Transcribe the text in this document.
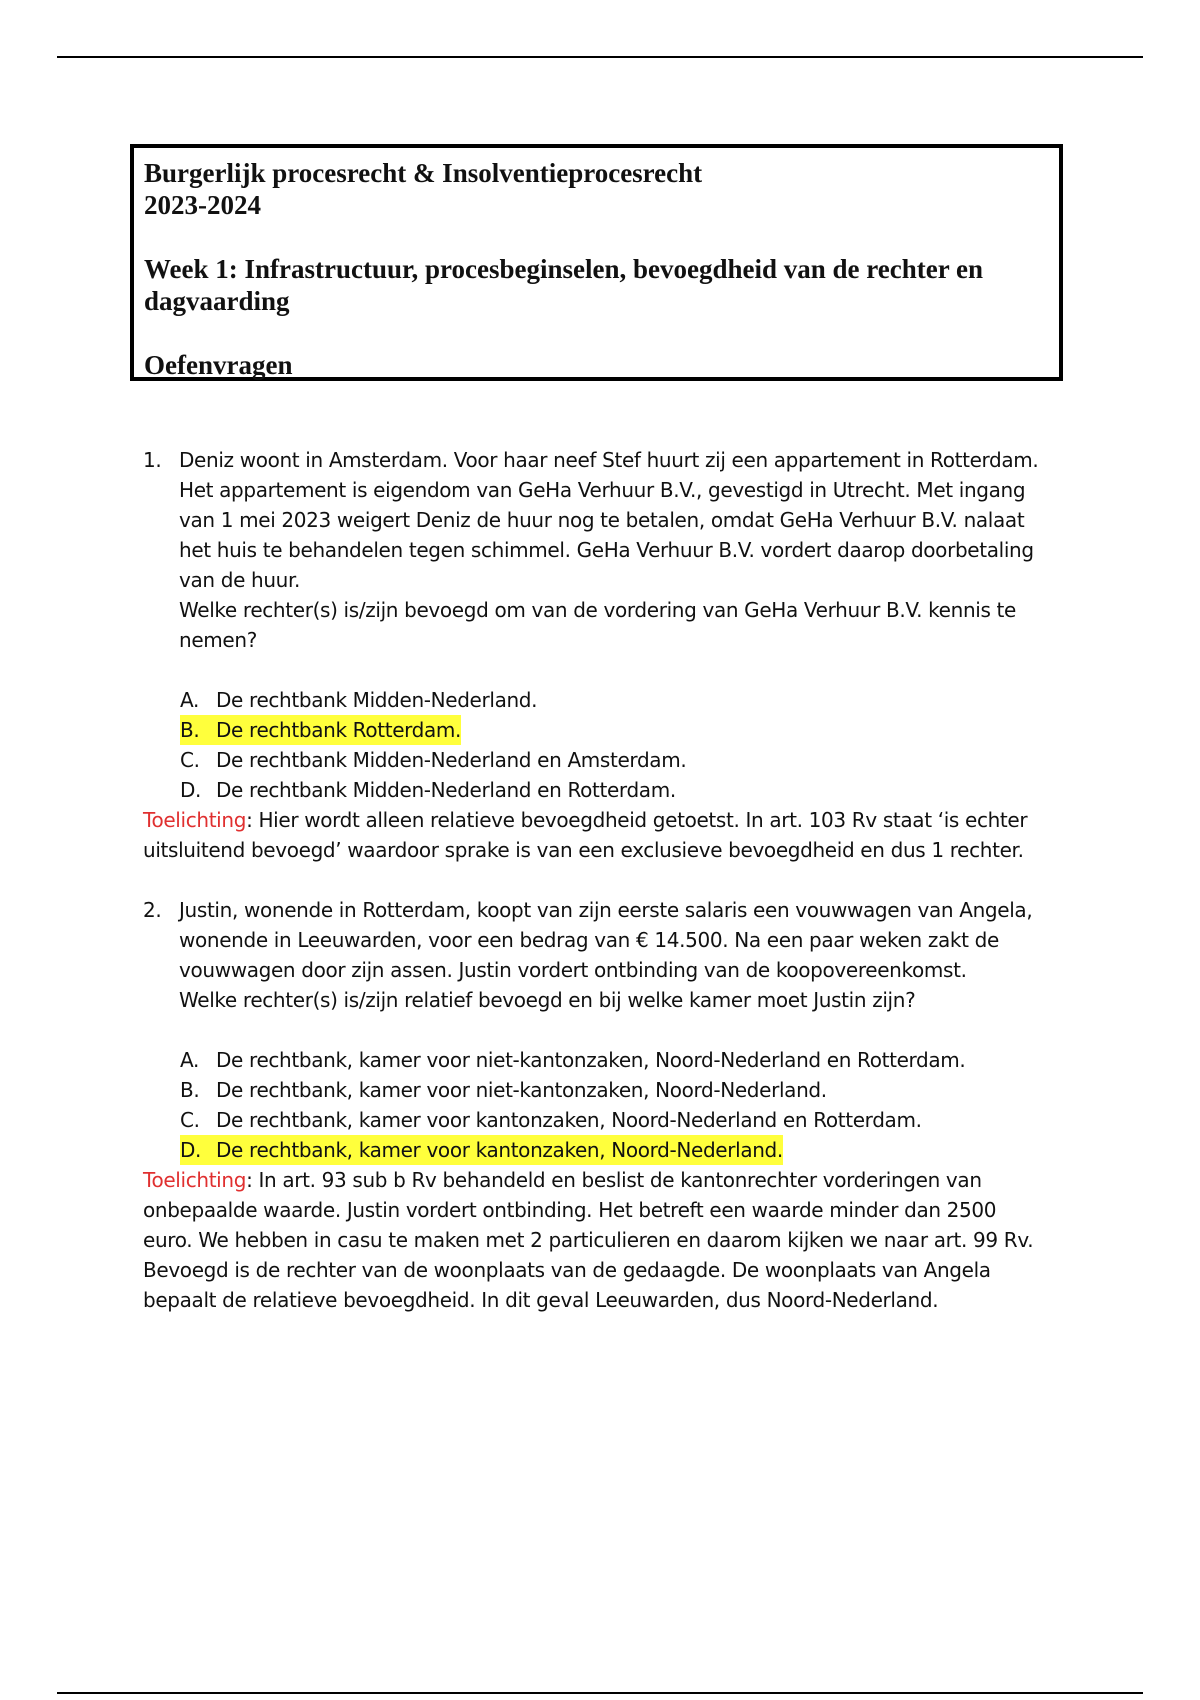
Burgerlijk procesrecht & Insolventieprocesrecht

2023-2024

Week 1: Infrastructuur, procesbeginselen, bevoegdheid van de rechter en

dagvaarding

Oefenvragen

1. Deniz woont in Amsterdam. Voor haar neef Stef huurt zij een appartement in Rotterdam.

Het appartement is eigendom van GeHa Verhuur B.V., gevestigd in Utrecht. Met ingang

van 1 mei 2023 weigert Deniz de huur nog te betalen, omdat GeHa Verhuur B.V. nalaat

het huis te behandelen tegen schimmel. GeHa Verhuur B.V. vordert daarop doorbetaling

van de huur.

Welke rechter(s) is/zijn bevoegd om van de vordering van GeHa Verhuur B.V. kennis te

nemen?

A. De rechtbank Midden-Nederland.
B. De rechtbank Rotterdam.
C. De rechtbank Midden-Nederland en Amsterdam.
D. De rechtbank Midden-Nederland en Rotterdam.

Toelichting: Hier wordt alleen relatieve bevoegdheid getoetst. In art. 103 Rv staat ‘is echter

uitsluitend bevoegd’ waardoor sprake is van een exclusieve bevoegdheid en dus 1 rechter.

2. Justin, wonende in Rotterdam, koopt van zijn eerste salaris een vouwwagen van Angela,

wonende in Leeuwarden, voor een bedrag van € 14.500. Na een paar weken zakt de

vouwwagen door zijn assen. Justin vordert ontbinding van de koopovereenkomst.

Welke rechter(s) is/zijn relatief bevoegd en bij welke kamer moet Justin zijn?

A. De rechtbank, kamer voor niet-kantonzaken, Noord-Nederland en Rotterdam.
B. De rechtbank, kamer voor niet-kantonzaken, Noord-Nederland.
C. De rechtbank, kamer voor kantonzaken, Noord-Nederland en Rotterdam.
D. De rechtbank, kamer voor kantonzaken, Noord-Nederland.

Toelichting: In art. 93 sub b Rv behandeld en beslist de kantonrechter vorderingen van

onbepaalde waarde. Justin vordert ontbinding. Het betreft een waarde minder dan 2500

euro. We hebben in casu te maken met 2 particulieren en daarom kijken we naar art. 99 Rv.

Bevoegd is de rechter van de woonplaats van de gedaagde. De woonplaats van Angela

bepaalt de relatieve bevoegdheid. In dit geval Leeuwarden, dus Noord-Nederland.
